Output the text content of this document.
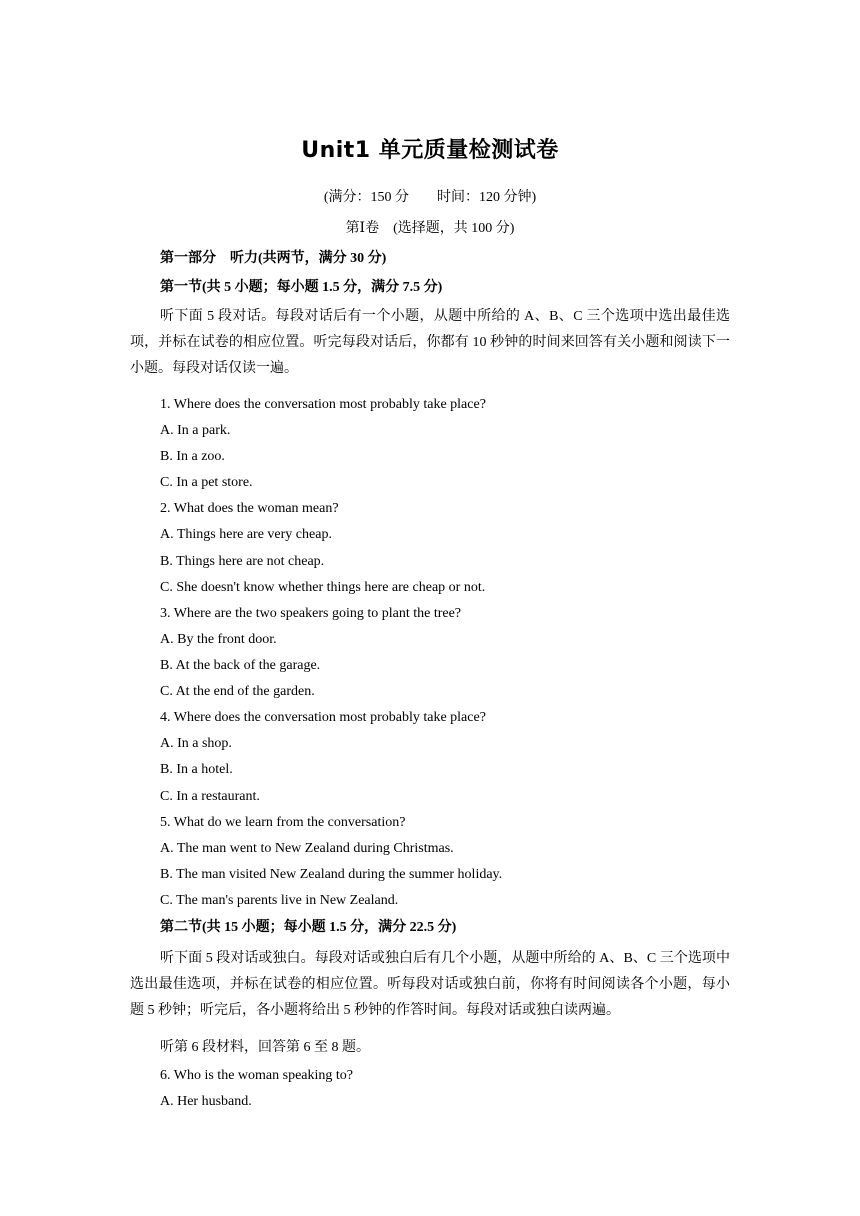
Unit1 单元质量检测试卷
(满分：150 分　　时间：120 分钟)
第Ⅰ卷　(选择题，共 100 分)
第一部分　听力(共两节，满分 30 分)
第一节(共 5 小题；每小题 1.5 分，满分 7.5 分)

听下面 5 段对话。每段对话后有一个小题，从题中所给的 A、B、C 三个选项中选出最佳选项，并标在试卷的相应位置。听完每段对话后，你都有 10 秒钟的时间来回答有关小题和阅读下一小题。每段对话仅读一遍。

1. Where does the conversation most probably take place?
A. In a park.
B. In a zoo.
C. In a pet store.
2. What does the woman mean?
A. Things here are very cheap.
B. Things here are not cheap.
C. She doesn't know whether things here are cheap or not.
3. Where are the two speakers going to plant the tree?
A. By the front door.
B. At the back of the garage.
C. At the end of the garden.
4. Where does the conversation most probably take place?
A. In a shop.
B. In a hotel.
C. In a restaurant.
5. What do we learn from the conversation?
A. The man went to New Zealand during Christmas.
B. The man visited New Zealand during the summer holiday.
C. The man's parents live in New Zealand.
第二节(共 15 小题；每小题 1.5 分，满分 22.5 分)

听下面 5 段对话或独白。每段对话或独白后有几个小题，从题中所给的 A、B、C 三个选项中选出最佳选项，并标在试卷的相应位置。听每段对话或独白前，你将有时间阅读各个小题，每小题 5 秒钟；听完后，各小题将给出 5 秒钟的作答时间。每段对话或独白读两遍。

听第 6 段材料，回答第 6 至 8 题。
6. Who is the woman speaking to?
A. Her husband.
